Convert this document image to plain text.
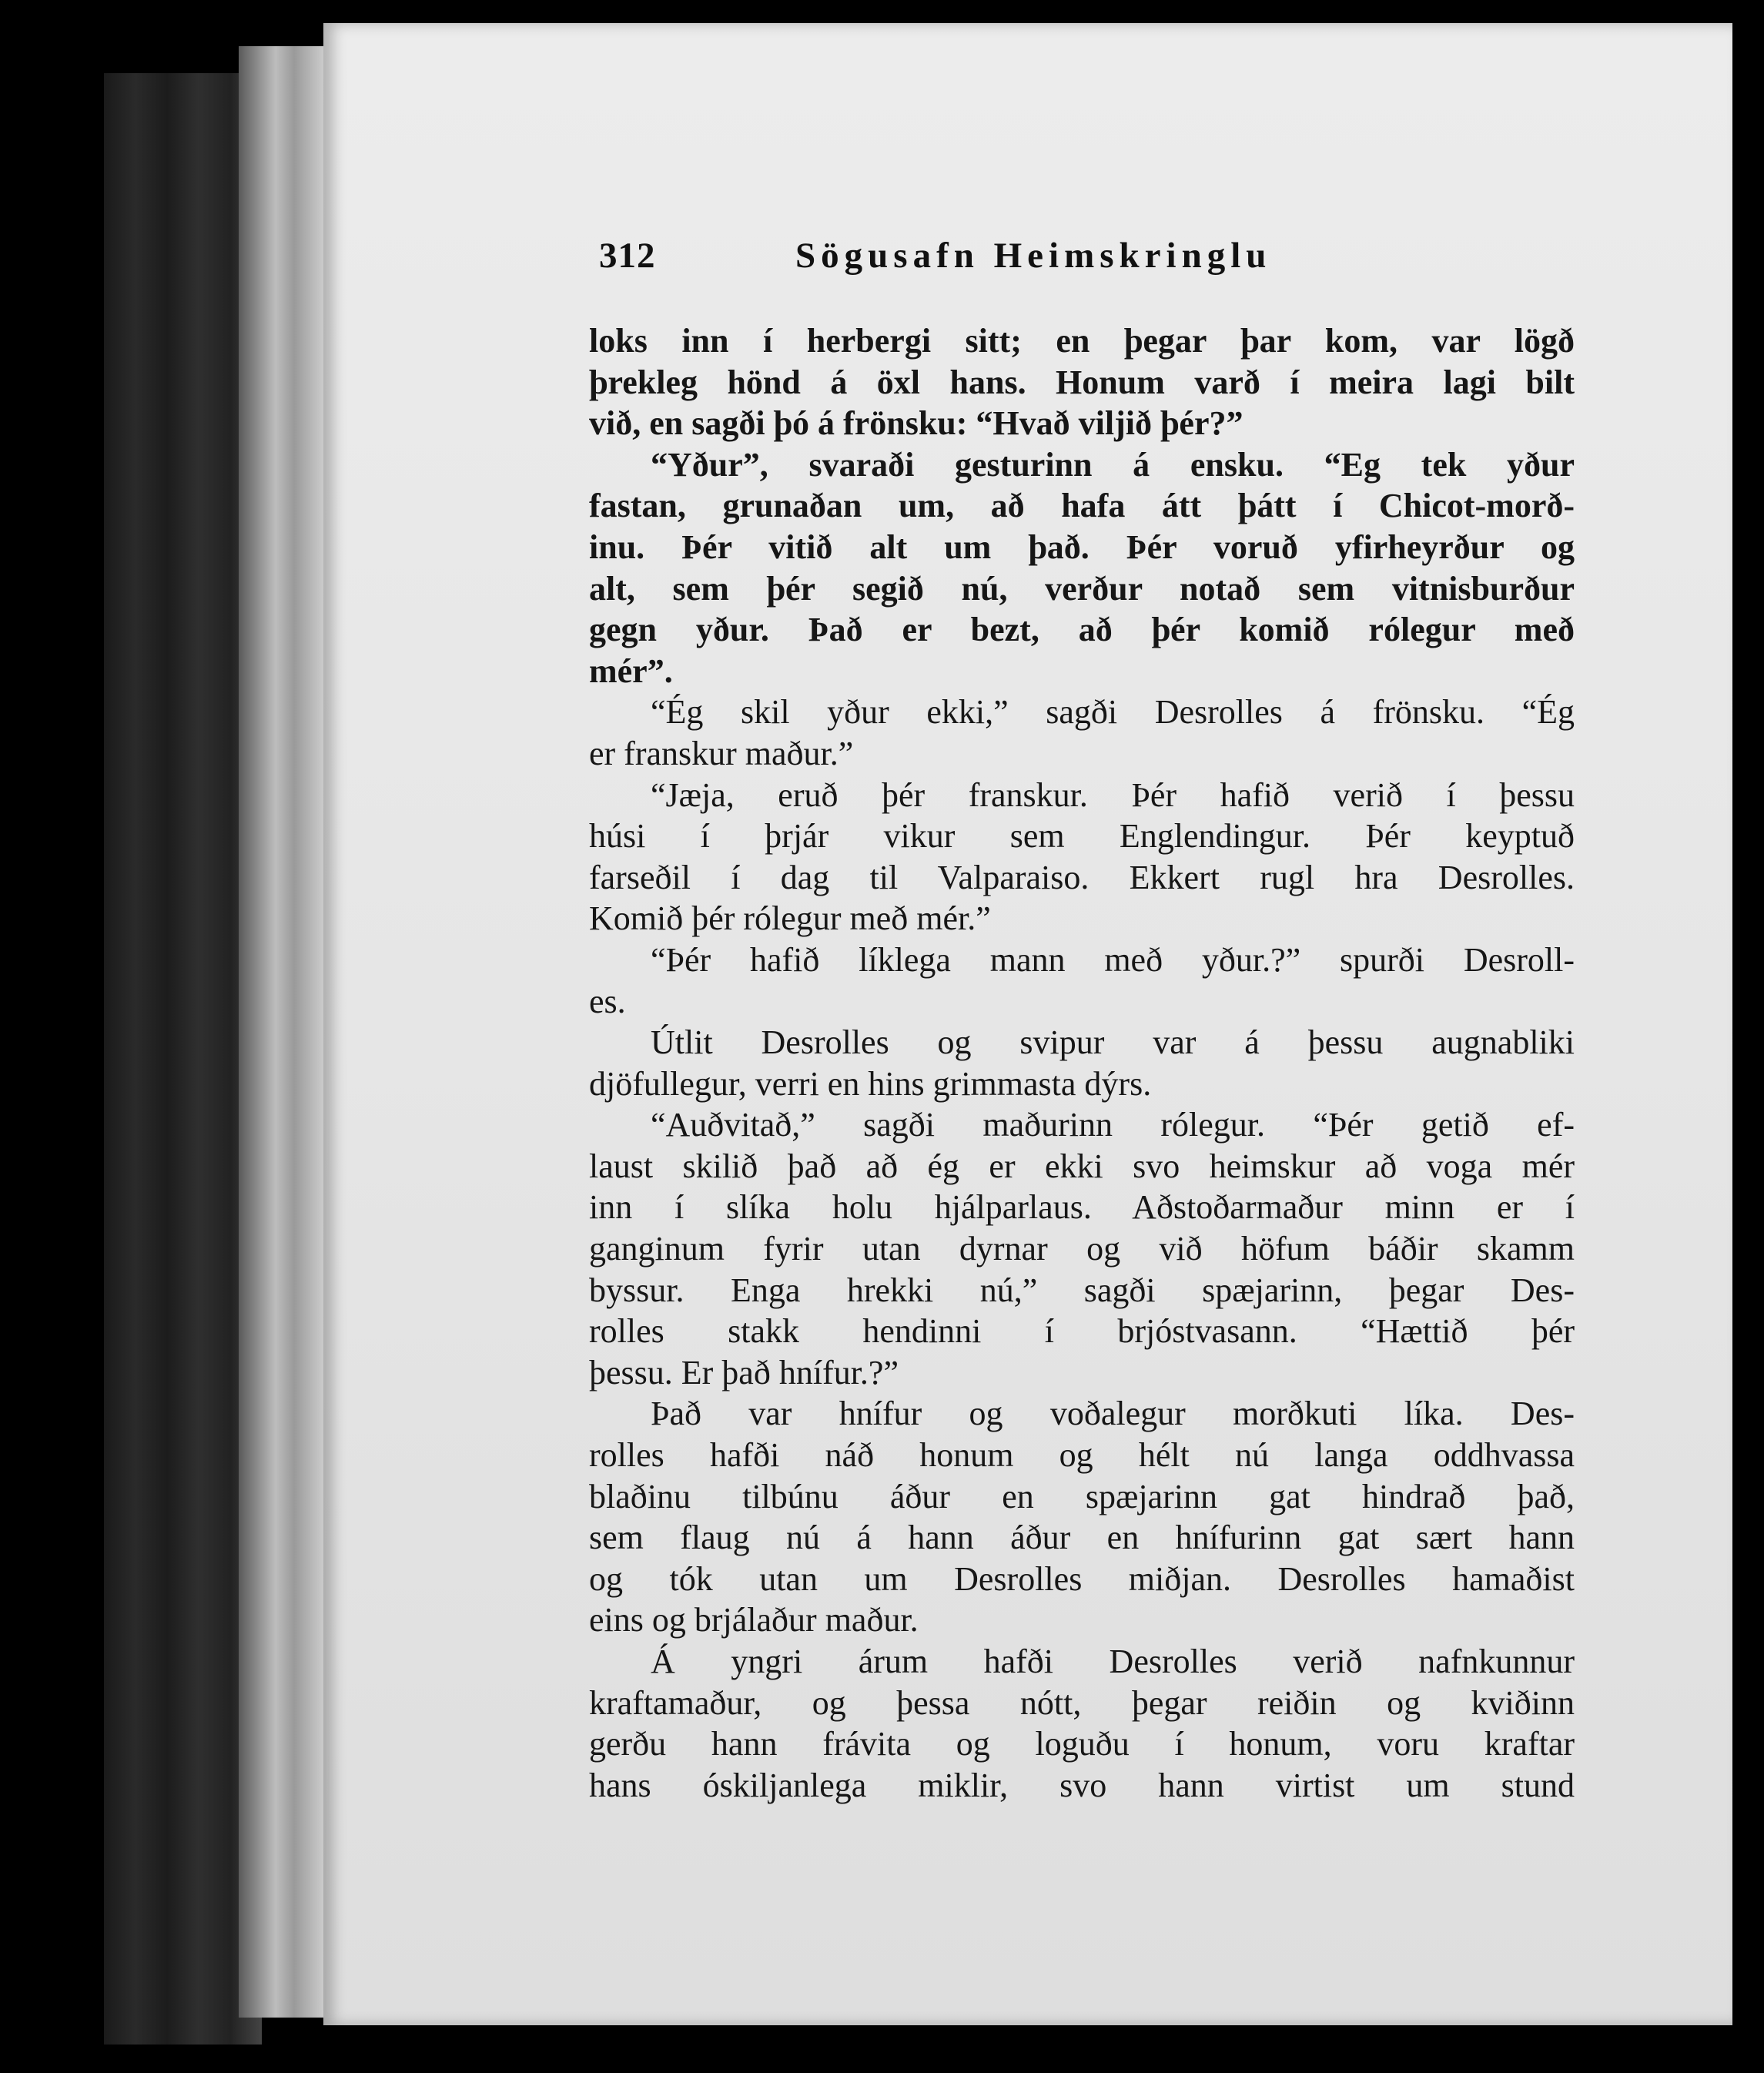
312	Sögusafn Heimskringlu
loks inn í herbergi sitt; en þegar þar kom, var lögð
þrekleg hönd á öxl hans. Honum varð í meira lagi bilt
við, en sagði þó á frönsku: “Hvað viljið þér?”
“Yður”, svaraði gesturinn á ensku. “Eg tek yður
fastan, grunaðan um, að hafa átt þátt í Chicot-morð-
inu. Þér vitið alt um það. Þér voruð yfirheyrður og
alt, sem þér segið nú, verður notað sem vitnisburður
gegn yður. Það er bezt, að þér komið rólegur með
mér”.
“Ég skil yður ekki,” sagði Desrolles á frönsku. “Ég
er franskur maður.”
“Jæja, eruð þér franskur. Þér hafið verið í þessu
húsi í þrjár vikur sem Englendingur. Þér keyptuð
farseðil í dag til Valparaiso. Ekkert rugl hra Desrolles.
Komið þér rólegur með mér.”
“Þér hafið líklega mann með yður.?” spurði Desroll-
es.
Útlit Desrolles og svipur var á þessu augnabliki
djöfullegur, verri en hins grimmasta dýrs.
“Auðvitað,” sagði maðurinn rólegur. “Þér getið ef-
laust skilið það að ég er ekki svo heimskur að voga mér
inn í slíka holu hjálparlaus. Aðstoðarmaður minn er í
ganginum fyrir utan dyrnar og við höfum báðir skamm
byssur. Enga hrekki nú,” sagði spæjarinn, þegar Des-
rolles stakk hendinni í brjóstvasann. “Hættið þér
þessu. Er það hnífur.?”
Það var hnífur og voðalegur morðkuti líka. Des-
rolles hafði náð honum og hélt nú langa oddhvassa
blaðinu tilbúnu áður en spæjarinn gat hindrað það,
sem flaug nú á hann áður en hnífurinn gat sært hann
og tók utan um Desrolles miðjan. Desrolles hamaðist
eins og brjálaður maður.
Á yngri árum hafði Desrolles verið nafnkunnur
kraftamaður, og þessa nótt, þegar reiðin og kviðinn
gerðu hann frávita og loguðu í honum, voru kraftar
hans óskiljanlega miklir, svo hann virtist um stund
